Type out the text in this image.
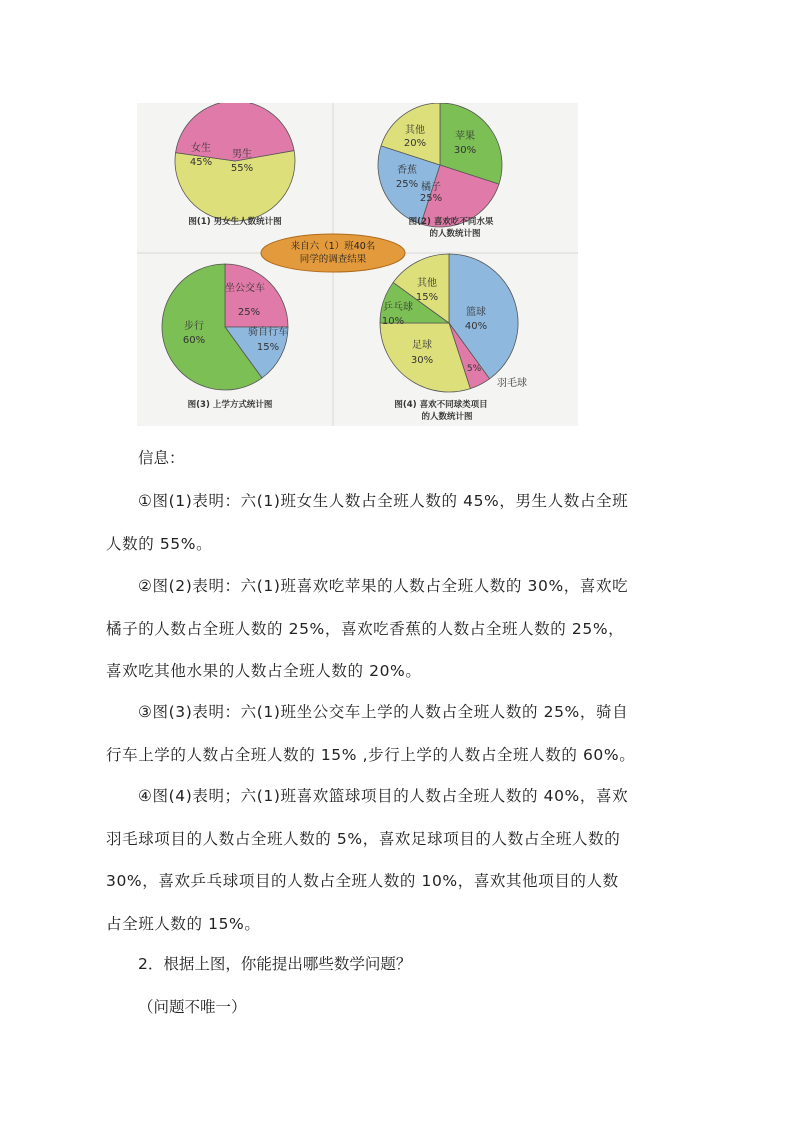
图(1) 男女生人数统计图
男生
55%
女生
45%
图(2) 喜欢吃不同水果
的人数统计图
苹果
30%
橘子
25%
香蕉
25%
其他
20%
来自六（1）班40名
同学的调查结果
图(3) 上学方式统计图
坐公交车
25%
骑自行车
15%
步行
60%
图(4) 喜欢不同球类项目
的人数统计图
篮球
40%
羽毛球
5%
足球
30%
乒乓球
10%
其他
15%
信息：
①图(1)表明：六(1)班女生人数占全班人数的 45%，男生人数占全班
人数的 55%。
②图(2)表明：六(1)班喜欢吃苹果的人数占全班人数的 30%，喜欢吃
橘子的人数占全班人数的 25%，喜欢吃香蕉的人数占全班人数的 25%，
喜欢吃其他水果的人数占全班人数的 20%。
③图(3)表明：六(1)班坐公交车上学的人数占全班人数的 25%，骑自
行车上学的人数占全班人数的 15% ,步行上学的人数占全班人数的 60%。
④图(4)表明；六(1)班喜欢篮球项目的人数占全班人数的 40%，喜欢
羽毛球项目的人数占全班人数的 5%，喜欢足球项目的人数占全班人数的
30%，喜欢乒乓球项目的人数占全班人数的 10%，喜欢其他项目的人数
占全班人数的 15%。
2．根据上图，你能提出哪些数学问题？
（问题不唯一）
